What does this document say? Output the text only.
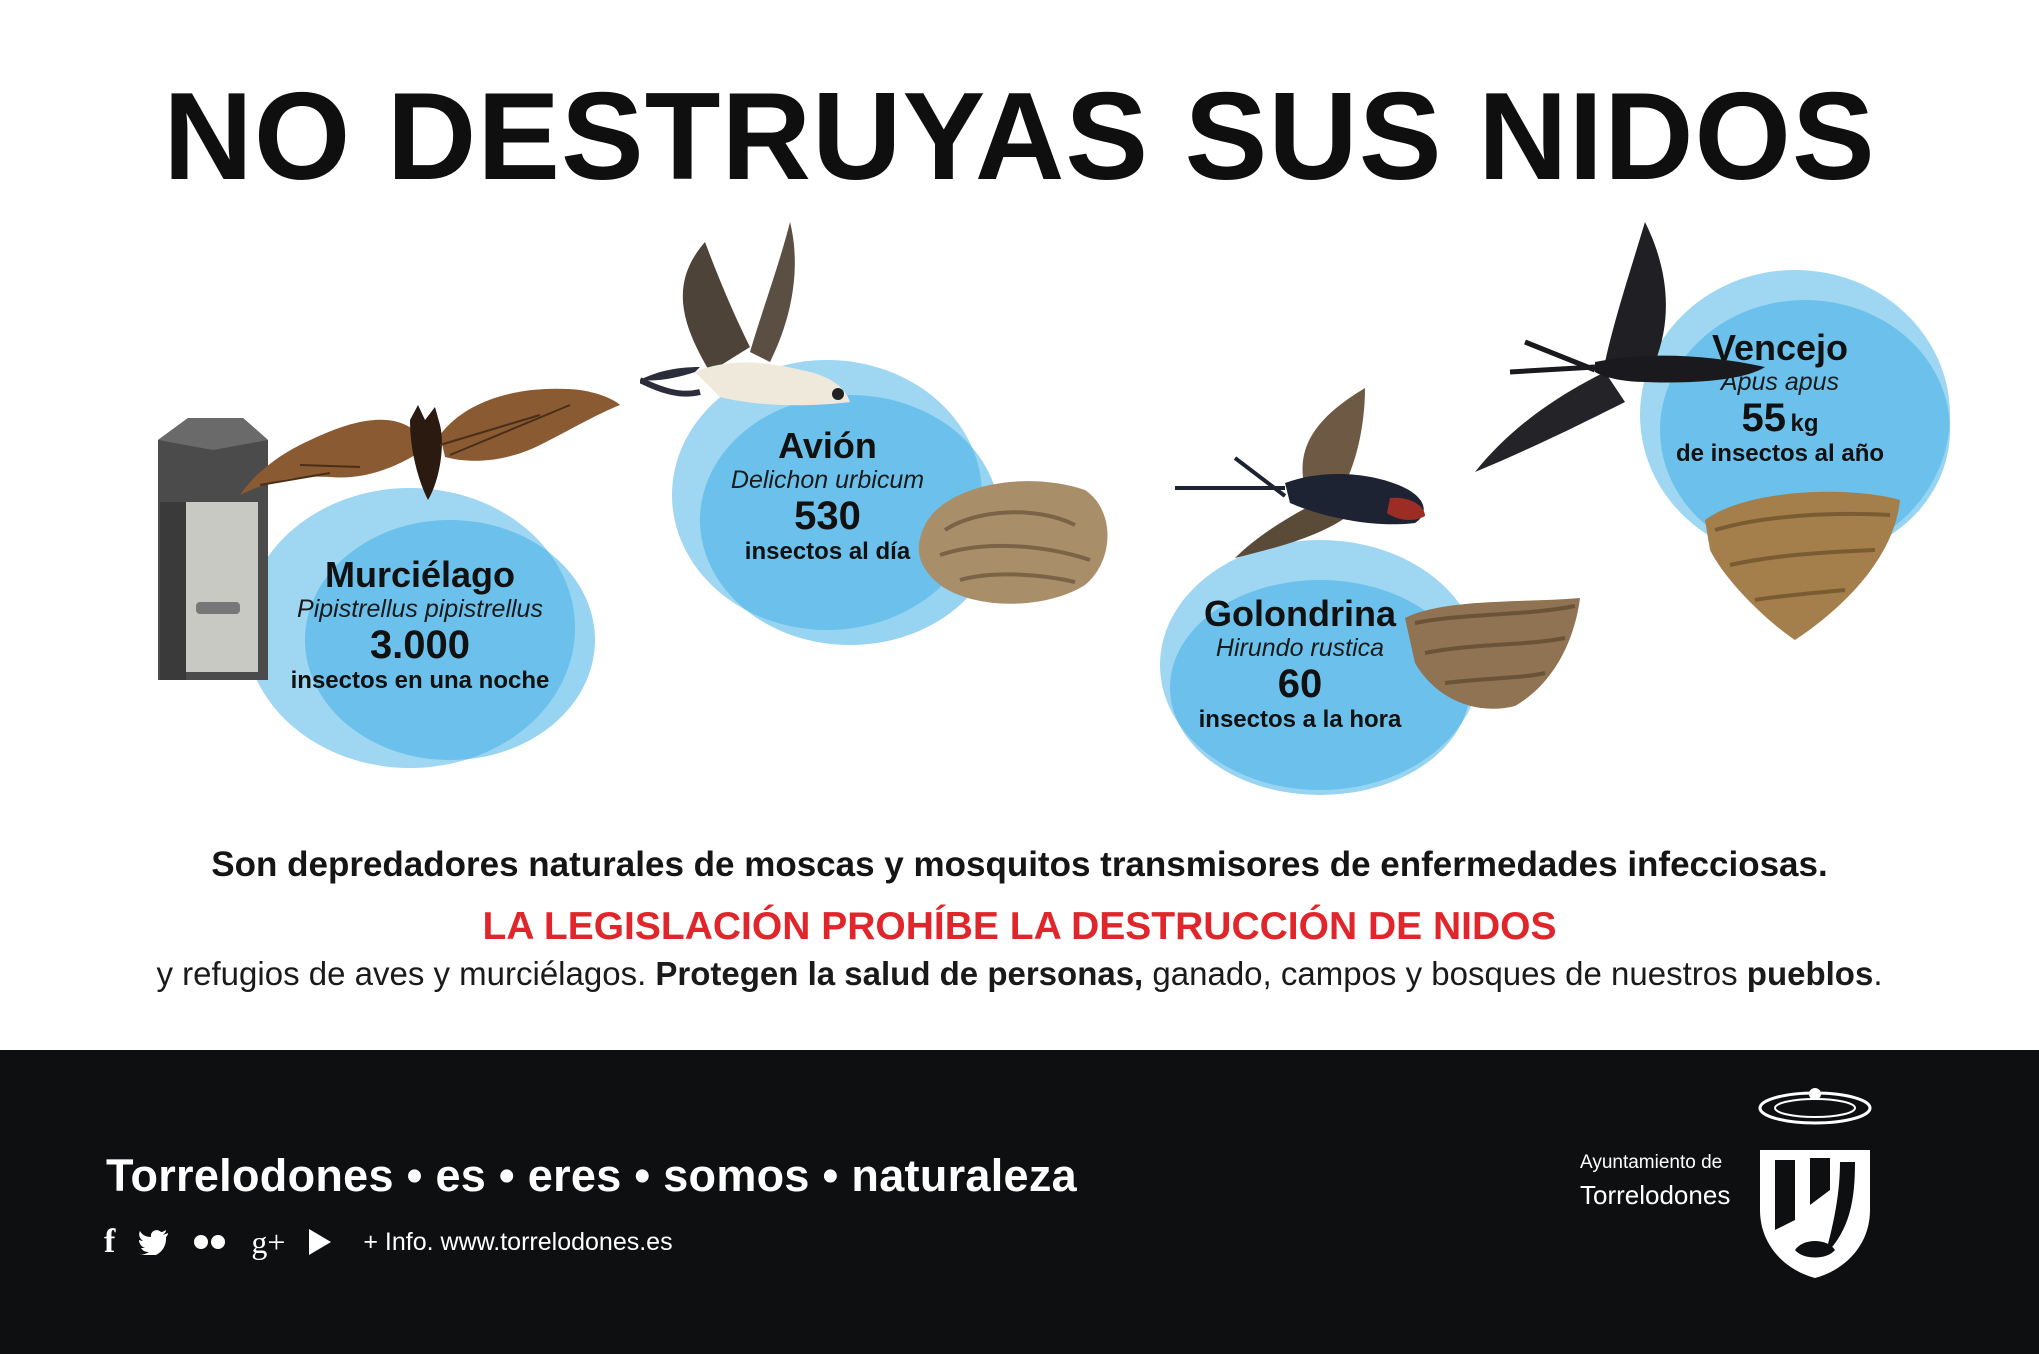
NO DESTRUYAS SUS NIDOS
Murciélago
Pipistrellus pipistrellus
3.000
insectos en una noche
Avión
Delichon urbicum
530
insectos al día
Golondrina
Hirundo rustica
60
insectos a la hora
Vencejo
Apus apus
55 kg
de insectos al año
Son depredadores naturales de moscas y mosquitos transmisores de enfermedades infecciosas.
LA LEGISLACIÓN PROHÍBE LA DESTRUCCIÓN DE NIDOS
y refugios de aves y murciélagos. Protegen la salud de personas, ganado, campos y bosques de nuestros pueblos.
Torrelodones • es • eres • somos • naturaleza
f	g+	+ Info. www.torrelodones.es
Ayuntamiento de
Torrelodones
